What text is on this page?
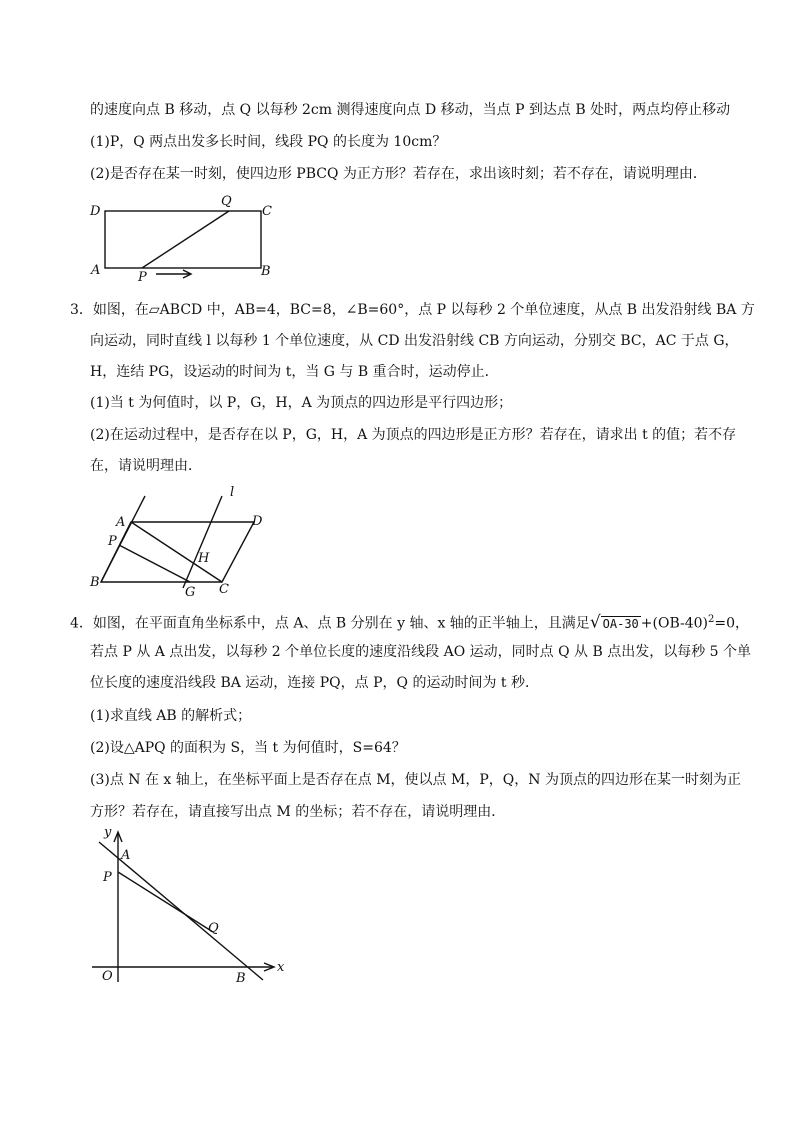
的速度向点 B 移动，点 Q 以每秒 2cm 测得速度向点 D 移动，当点 P 到达点 B 处时，两点均停止移动
(1)P，Q 两点出发多长时间，线段 PQ 的长度为 10cm？
(2)是否存在某一时刻，使四边形 PBCQ 为正方形？若存在，求出该时刻；若不存在，请说明理由．
D
Q
C
A	P	B
3．如图，在▱ABCD 中，AB=4，BC=8，∠B=60°，点 P 以每秒 2 个单位速度，从点 B 出发沿射线 BA 方
向运动，同时直线 l 以每秒 1 个单位速度，从 CD 出发沿射线 CB 方向运动，分别交 BC，AC 于点 G，
H，连结 PG，设运动的时间为 t，当 G 与 B 重合时，运动停止．
(1)当 t 为何值时，以 P，G，H，A 为顶点的四边形是平行四边形；
(2)在运动过程中，是否存在以 P，G，H，A 为顶点的四边形是正方形？若存在，请求出 t 的值；若不存
在，请说明理由．
l
A	D
P
H
B
G C
4．如图，在平面直角坐标系中，点 A、点 B 分别在 y 轴、x 轴的正半轴上，且满足√ $OA-30 +(OB-40)^2=0$，
若点 P 从 A 点出发，以每秒 2 个单位长度的速度沿线段 AO 运动，同时点 Q 从 B 点出发，以每秒 5 个单
位长度的速度沿线段 BA 运动，连接 PQ，点 P，Q 的运动时间为 t 秒．
(1)求直线 AB 的解析式；
(2)设△APQ 的面积为 S，当 t 为何值时，S=64？
(3)点 N 在 x 轴上，在坐标平面上是否存在点 M，使以点 M，P，Q，N 为顶点的四边形在某一时刻为正
方形？若存在，请直接写出点 M 的坐标；若不存在，请说明理由．
y
A
P
Q
O	B
x
